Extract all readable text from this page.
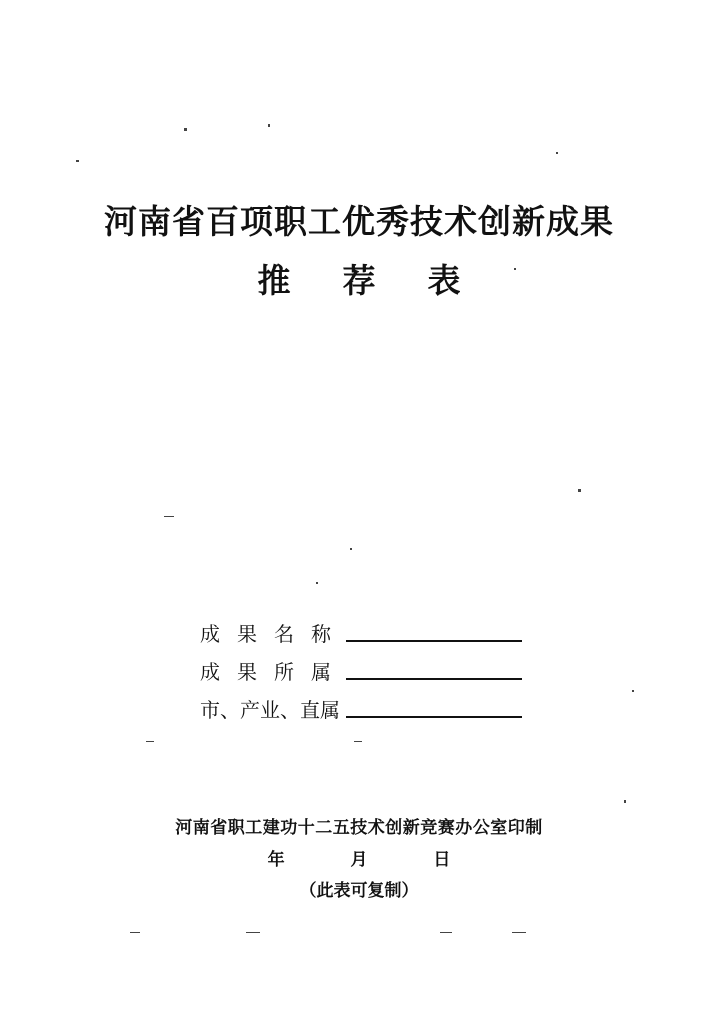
河南省百项职工优秀技术创新成果
推荐表
成果名称
成果所属
市、产业、直属
河南省职工建功十二五技术创新竞赛办公室印制
年 月 日
（此表可复制）
